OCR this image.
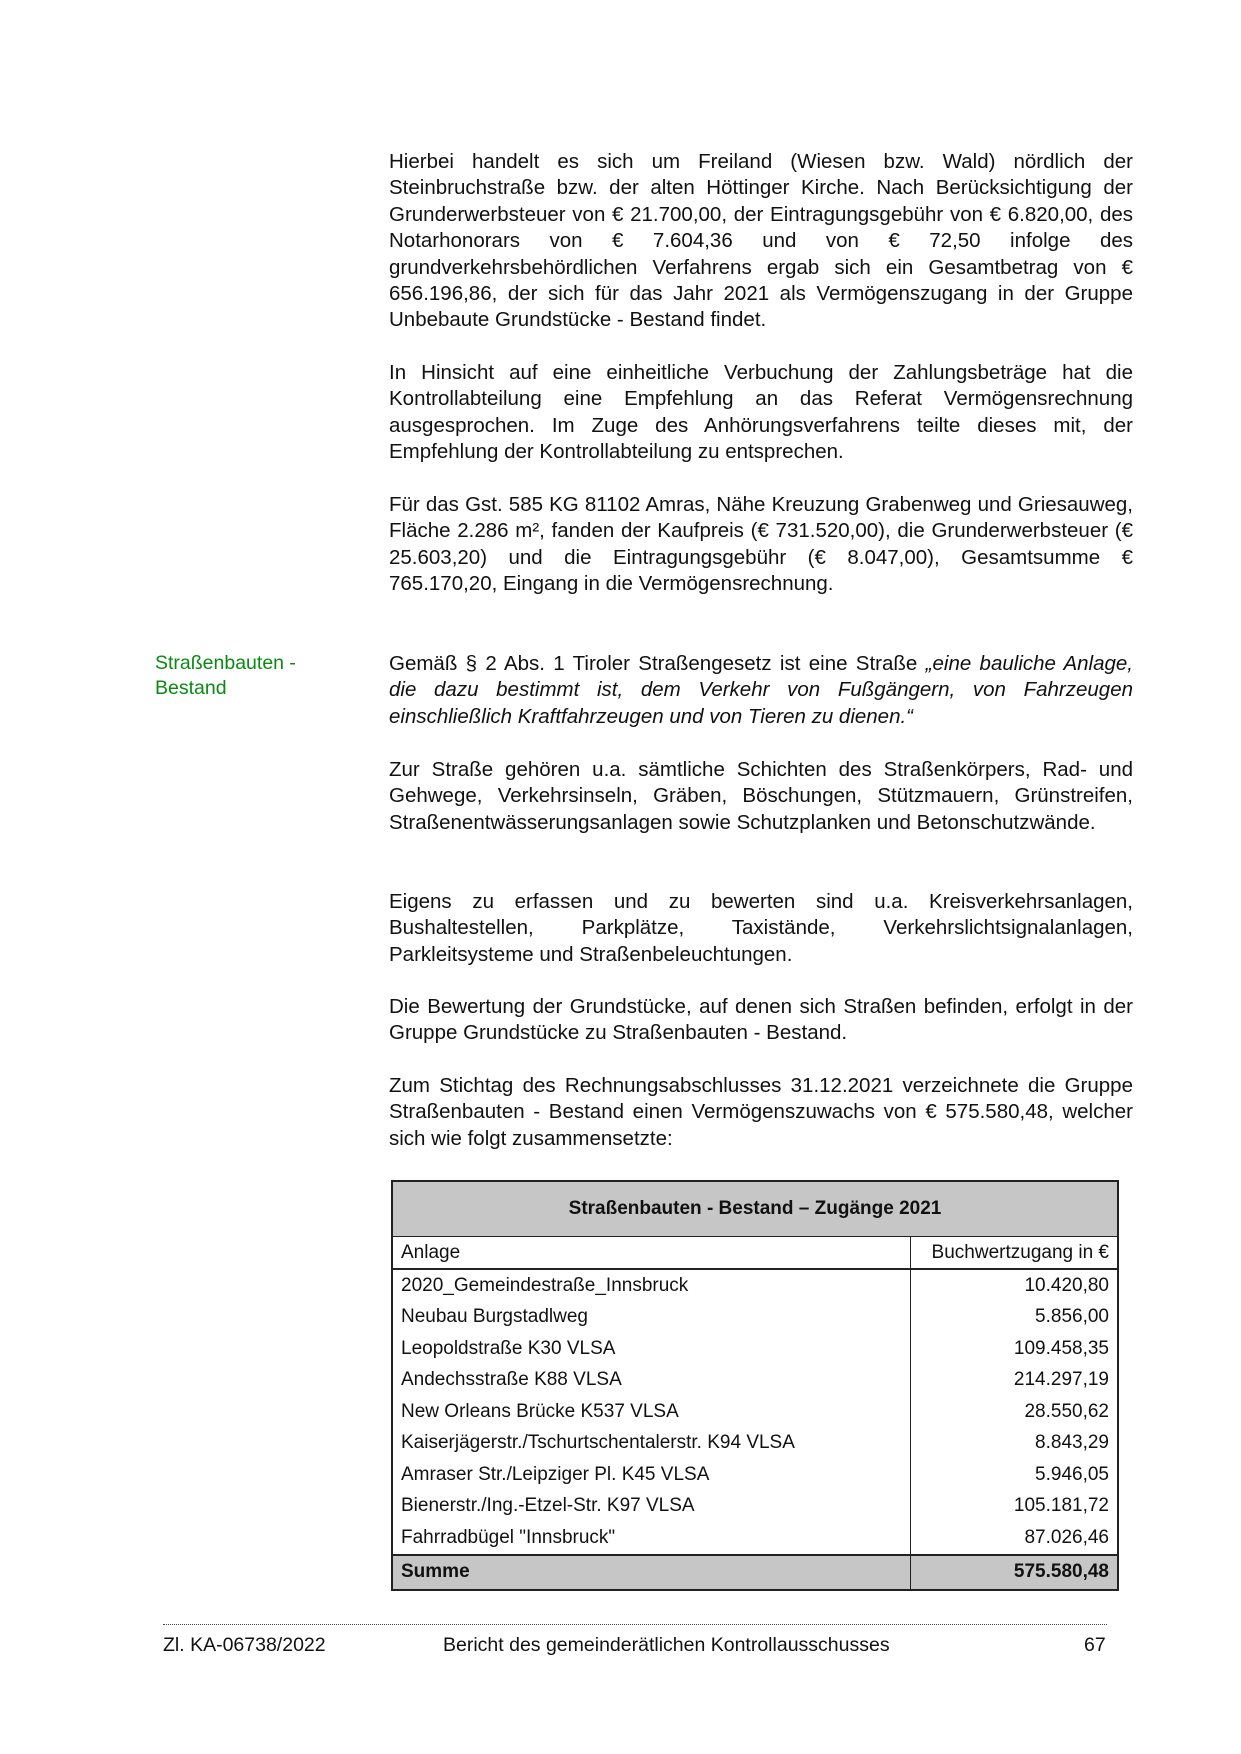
Straßenbauten -
Bestand

Hierbei handelt es sich um Freiland (Wiesen bzw. Wald) nördlich der Steinbruchstraße bzw. der alten Höttinger Kirche. Nach Berücksichtigung der Grunderwerbsteuer von € 21.700,00, der Eintragungsgebühr von € 6.820,00, des Notarhonorars von € 7.604,36 und von € 72,50 infolge des grundverkehrsbehördlichen Verfahrens ergab sich ein Gesamtbetrag von € 656.196,86, der sich für das Jahr 2021 als Vermögenszugang in der Gruppe Unbebaute Grundstücke - Bestand findet.

In Hinsicht auf eine einheitliche Verbuchung der Zahlungsbeträge hat die Kontrollabteilung eine Empfehlung an das Referat Vermögensrechnung ausgesprochen. Im Zuge des Anhörungsverfahrens teilte dieses mit, der Empfehlung der Kontrollabteilung zu entsprechen.

Für das Gst. 585 KG 81102 Amras, Nähe Kreuzung Grabenweg und Griesauweg, Fläche 2.286 m², fanden der Kaufpreis (€ 731.520,00), die Grunderwerbsteuer (€ 25.603,20) und die Eintragungsgebühr (€ 8.047,00), Gesamtsumme € 765.170,20, Eingang in die Vermögensrechnung.

Gemäß § 2 Abs. 1 Tiroler Straßengesetz ist eine Straße „eine bauliche Anlage, die dazu bestimmt ist, dem Verkehr von Fußgängern, von Fahrzeugen einschließlich Kraftfahrzeugen und von Tieren zu dienen.“

Zur Straße gehören u.a. sämtliche Schichten des Straßenkörpers, Rad- und Gehwege, Verkehrsinseln, Gräben, Böschungen, Stützmauern, Grünstreifen, Straßenentwässerungsanlagen sowie Schutzplanken und Betonschutzwände.

Eigens zu erfassen und zu bewerten sind u.a. Kreisverkehrsanlagen, Bushaltestellen, Parkplätze, Taxistände, Verkehrslichtsignalanlagen, Parkleitsysteme und Straßenbeleuchtungen.

Die Bewertung der Grundstücke, auf denen sich Straßen befinden, erfolgt in der Gruppe Grundstücke zu Straßenbauten - Bestand.

Zum Stichtag des Rechnungsabschlusses 31.12.2021 verzeichnete die Gruppe Straßenbauten - Bestand einen Vermögenszuwachs von € 575.580,48, welcher sich wie folgt zusammensetzte:

Straßenbauten - Bestand – Zugänge 2021	
Anlage	Buchwertzugang in €
2020_Gemeindestraße_Innsbruck	10.420,80
Neubau Burgstadlweg	5.856,00
Leopoldstraße K30 VLSA	109.458,35
Andechsstraße K88 VLSA	214.297,19
New Orleans Brücke K537 VLSA	28.550,62
Kaiserjägerstr./Tschurtschentalerstr. K94 VLSA	8.843,29
Amraser Str./Leipziger Pl. K45 VLSA	5.946,05
Bienerstr./Ing.-Etzel-Str. K97 VLSA	105.181,72
Fahrradbügel "Innsbruck"	87.026,46
Summe	575.580,48
Zl. KA-06738/2022	Bericht des gemeinderätlichen Kontrollausschusses	67
